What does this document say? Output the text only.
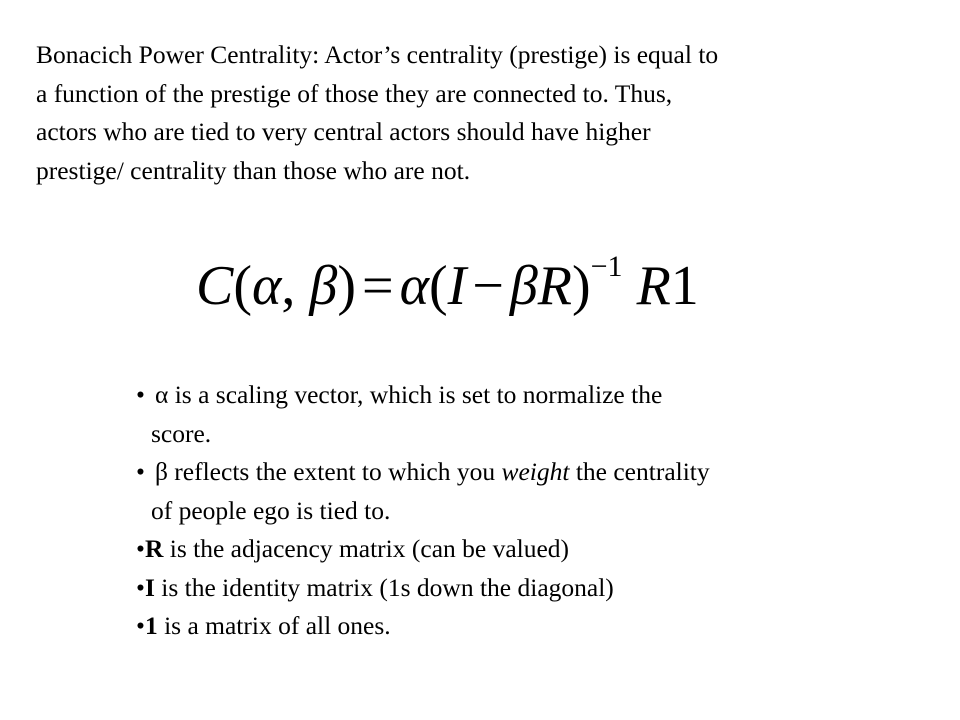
Bonacich Power Centrality: Actor’s centrality (prestige) is equal to
a function of the prestige of those they are connected to. Thus,
actors who are tied to very central actors should have higher
prestige/ centrality than those who are not.

C(α, $\beta) = \alpha(I - \beta R)^{-1}$ R1
• α is a scaling vector, which is set to normalize the
score.
• β reflects the extent to which you weight the centrality
of people ego is tied to.
•R is the adjacency matrix (can be valued)
•I is the identity matrix (1s down the diagonal)
•1 is a matrix of all ones.
